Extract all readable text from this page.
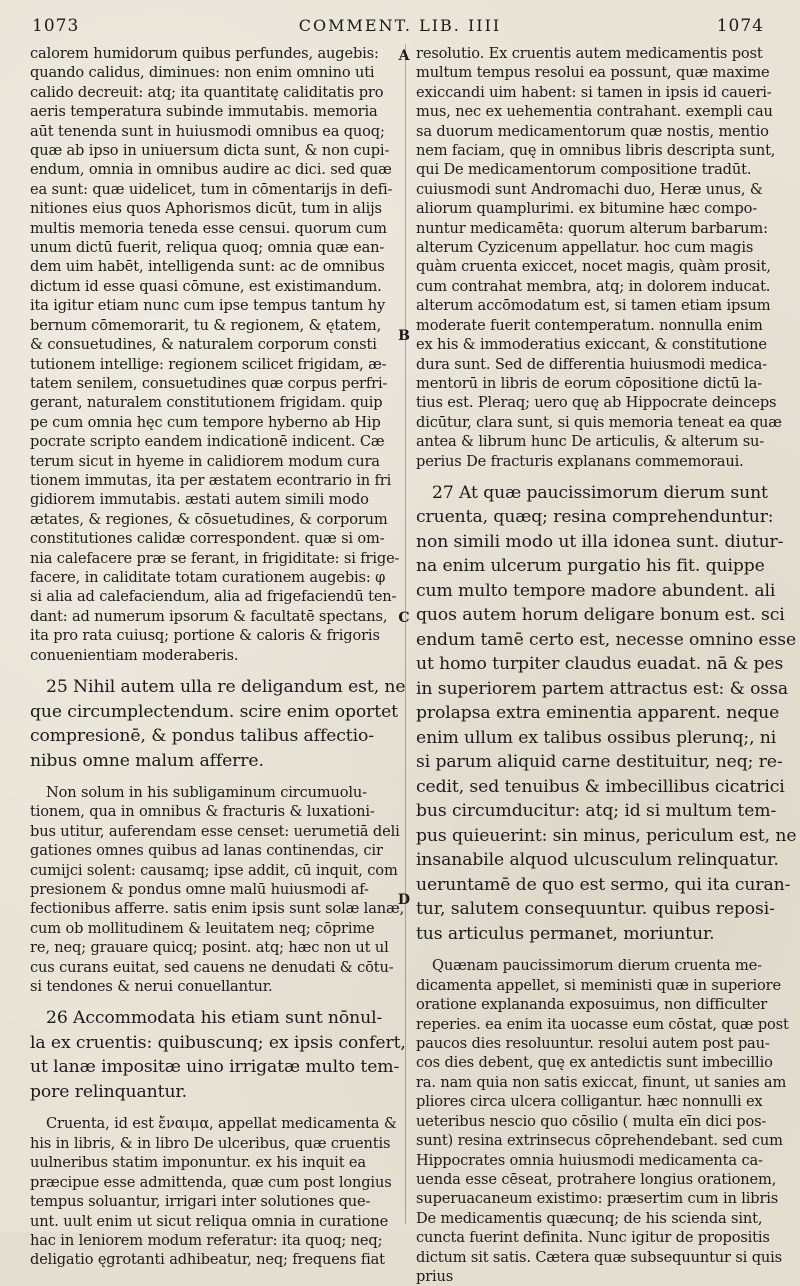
1073	COMMENT. LIB. IIII	1074
A
B
C
D
calorem humidorum quibus perfundes, augebis:
quando calidus, diminues: non enim omnino uti
calido decreuit: atq; ita quantitatę caliditatis pro
aeris temperatura subinde immutabis. memoria
aūt tenenda sunt in huiusmodi omnibus ea quoq;
quæ ab ipso in uniuersum dicta sunt, & non cupi-
endum, omnia in omnibus audire ac dici. sed quæ
ea sunt: quæ uidelicet, tum in cōmentarijs in defi-
nitiones eius quos Aphorismos dicūt, tum in alijs
multis memoria teneda esse censui. quorum cum
unum dictū fuerit, reliqua quoq; omnia quæ ean-
dem uim habēt, intelligenda sunt: ac de omnibus
dictum id esse quasi cōmune, est existimandum.
ita igitur etiam nunc cum ipse tempus tantum hy
bernum cōmemorarit, tu & regionem, & ętatem,
& consuetudines, & naturalem corporum consti
tutionem intellige: regionem scilicet frigidam, æ-
tatem senilem, consuetudines quæ corpus perfri-
gerant, naturalem constitutionem frigidam. quip
pe cum omnia hęc cum tempore hyberno ab Hip
pocrate scripto eandem indicationē indicent. Cæ
terum sicut in hyeme in calidiorem modum cura
tionem immutas, ita per æstatem econtrario in fri
gidiorem immutabis. æstati autem simili modo
ætates, & regiones, & cōsuetudines, & corporum
constitutiones calidæ correspondent. quæ si om-
nia calefacere præ se ferant, in frigiditate: si frige-
facere, in caliditate totam curationem augebis: φ
si alia ad calefaciendum, alia ad frigefaciendū ten-
dant: ad numerum ipsorum & facultatē spectans,
ita pro rata cuiusq; portione & caloris & frigoris
conuenientiam moderaberis.
25 Nihil autem ulla re deligandum est, ne
que circumplectendum. scire enim oportet
compresionē, & pondus talibus affectio-
nibus omne malum afferre.
Non solum in his subligaminum circumuolu-
tionem, qua in omnibus & fracturis & luxationi-
bus utitur, auferendam esse censet: uerumetiā deli
gationes omnes quibus ad lanas continendas, cir
cumijci solent: causamq; ipse addit, cū inquit, com
presionem & pondus omne malū huiusmodi af-
fectionibus afferre. satis enim ipsis sunt solæ lanæ,
cum ob mollitudinem & leuitatem neq; cōprime
re, neq; grauare quicq; posint. atq; hæc non ut ul
cus curans euitat, sed cauens ne denudati & cōtu-
si tendones & nerui conuellantur.
26 Accommodata his etiam sunt nōnul-
la ex cruentis: quibuscunq; ex ipsis confert,
ut lanæ impositæ uino irrigatæ multo tem-
pore relinquantur.
Cruenta, id est ἔναιμα, appellat medicamenta &
his in libris, & in libro De ulceribus, quæ cruentis
uulneribus statim imponuntur. ex his inquit ea
præcipue esse admittenda, quæ cum post longius
tempus soluantur, irrigari inter solutiones que-
unt. uult enim ut sicut reliqua omnia in curatione
hac in leniorem modum referatur: ita quoq; neq;
deligatio ęgrotanti adhibeatur, neq; frequens fiat
resolutio. Ex cruentis autem medicamentis post
multum tempus resolui ea possunt, quæ maxime
exiccandi uim habent: si tamen in ipsis id caueri-
mus, nec ex uehementia contrahant. exempli cau
sa duorum medicamentorum quæ nostis, mentio
nem faciam, quę in omnibus libris descripta sunt,
qui De medicamentorum compositione tradūt.
cuiusmodi sunt Andromachi duo, Heræ unus, &
aliorum quamplurimi. ex bitumine hæc compo-
nuntur medicamēta: quorum alterum barbarum:
alterum Cyzicenum appellatur. hoc cum magis
quàm cruenta exiccet, nocet magis, quàm prosit,
cum contrahat membra, atq; in dolorem inducat.
alterum accōmodatum est, si tamen etiam ipsum
moderate fuerit contemperatum. nonnulla enim
ex his & immoderatius exiccant, & constitutione
dura sunt. Sed de differentia huiusmodi medica-
mentorū in libris de eorum cōpositione dictū la-
tius est. Pleraq; uero quę ab Hippocrate deinceps
dicūtur, clara sunt, si quis memoria teneat ea quæ
antea & librum hunc De articulis, & alterum su-
perius De fracturis explanans commemoraui.
27 At quæ paucissimorum dierum sunt
cruenta, quæq; resina comprehenduntur:
non simili modo ut illa idonea sunt. diutur-
na enim ulcerum purgatio his fit. quippe
cum multo tempore madore abundent. ali
quos autem horum deligare bonum est. sci
endum tamē certo est, necesse omnino esse
ut homo turpiter claudus euadat. nā & pes
in superiorem partem attractus est: & ossa
prolapsa extra eminentia apparent. neque
enim ullum ex talibus ossibus plerunq;, ni
si parum aliquid carne destituitur, neq; re-
cedit, sed tenuibus & imbecillibus cicatrici
bus circumducitur: atq; id si multum tem-
pus quieuerint: sin minus, periculum est, ne
insanabile alquod ulcusculum relinquatur.
ueruntamē de quo est sermo, qui ita curan-
tur, salutem consequuntur. quibus reposi-
tus articulus permanet, moriuntur.
Quænam paucissimorum dierum cruenta me-
dicamenta appellet, si meministi quæ in superiore
oratione explananda exposuimus, non difficulter
reperies. ea enim ita uocasse eum cōstat, quæ post
paucos dies resoluuntur. resolui autem post pau-
cos dies debent, quę ex antedictis sunt imbecillio
ra. nam quia non satis exiccat, finunt, ut sanies am
pliores circa ulcera colligantur. hæc nonnulli ex
ueteribus nescio quo cōsilio ( multa eīn dici pos-
sunt) resina extrinsecus cōprehendebant. sed cum
Hippocrates omnia huiusmodi medicamenta ca-
uenda esse cēseat, protrahere longius orationem,
superuacaneum existimo: præsertim cum in libris
De medicamentis quæcunq; de his scienda sint,
cuncta fuerint definita. Nunc igitur de propositis
dictum sit satis. Cætera quæ subsequuntur si quis
prius
